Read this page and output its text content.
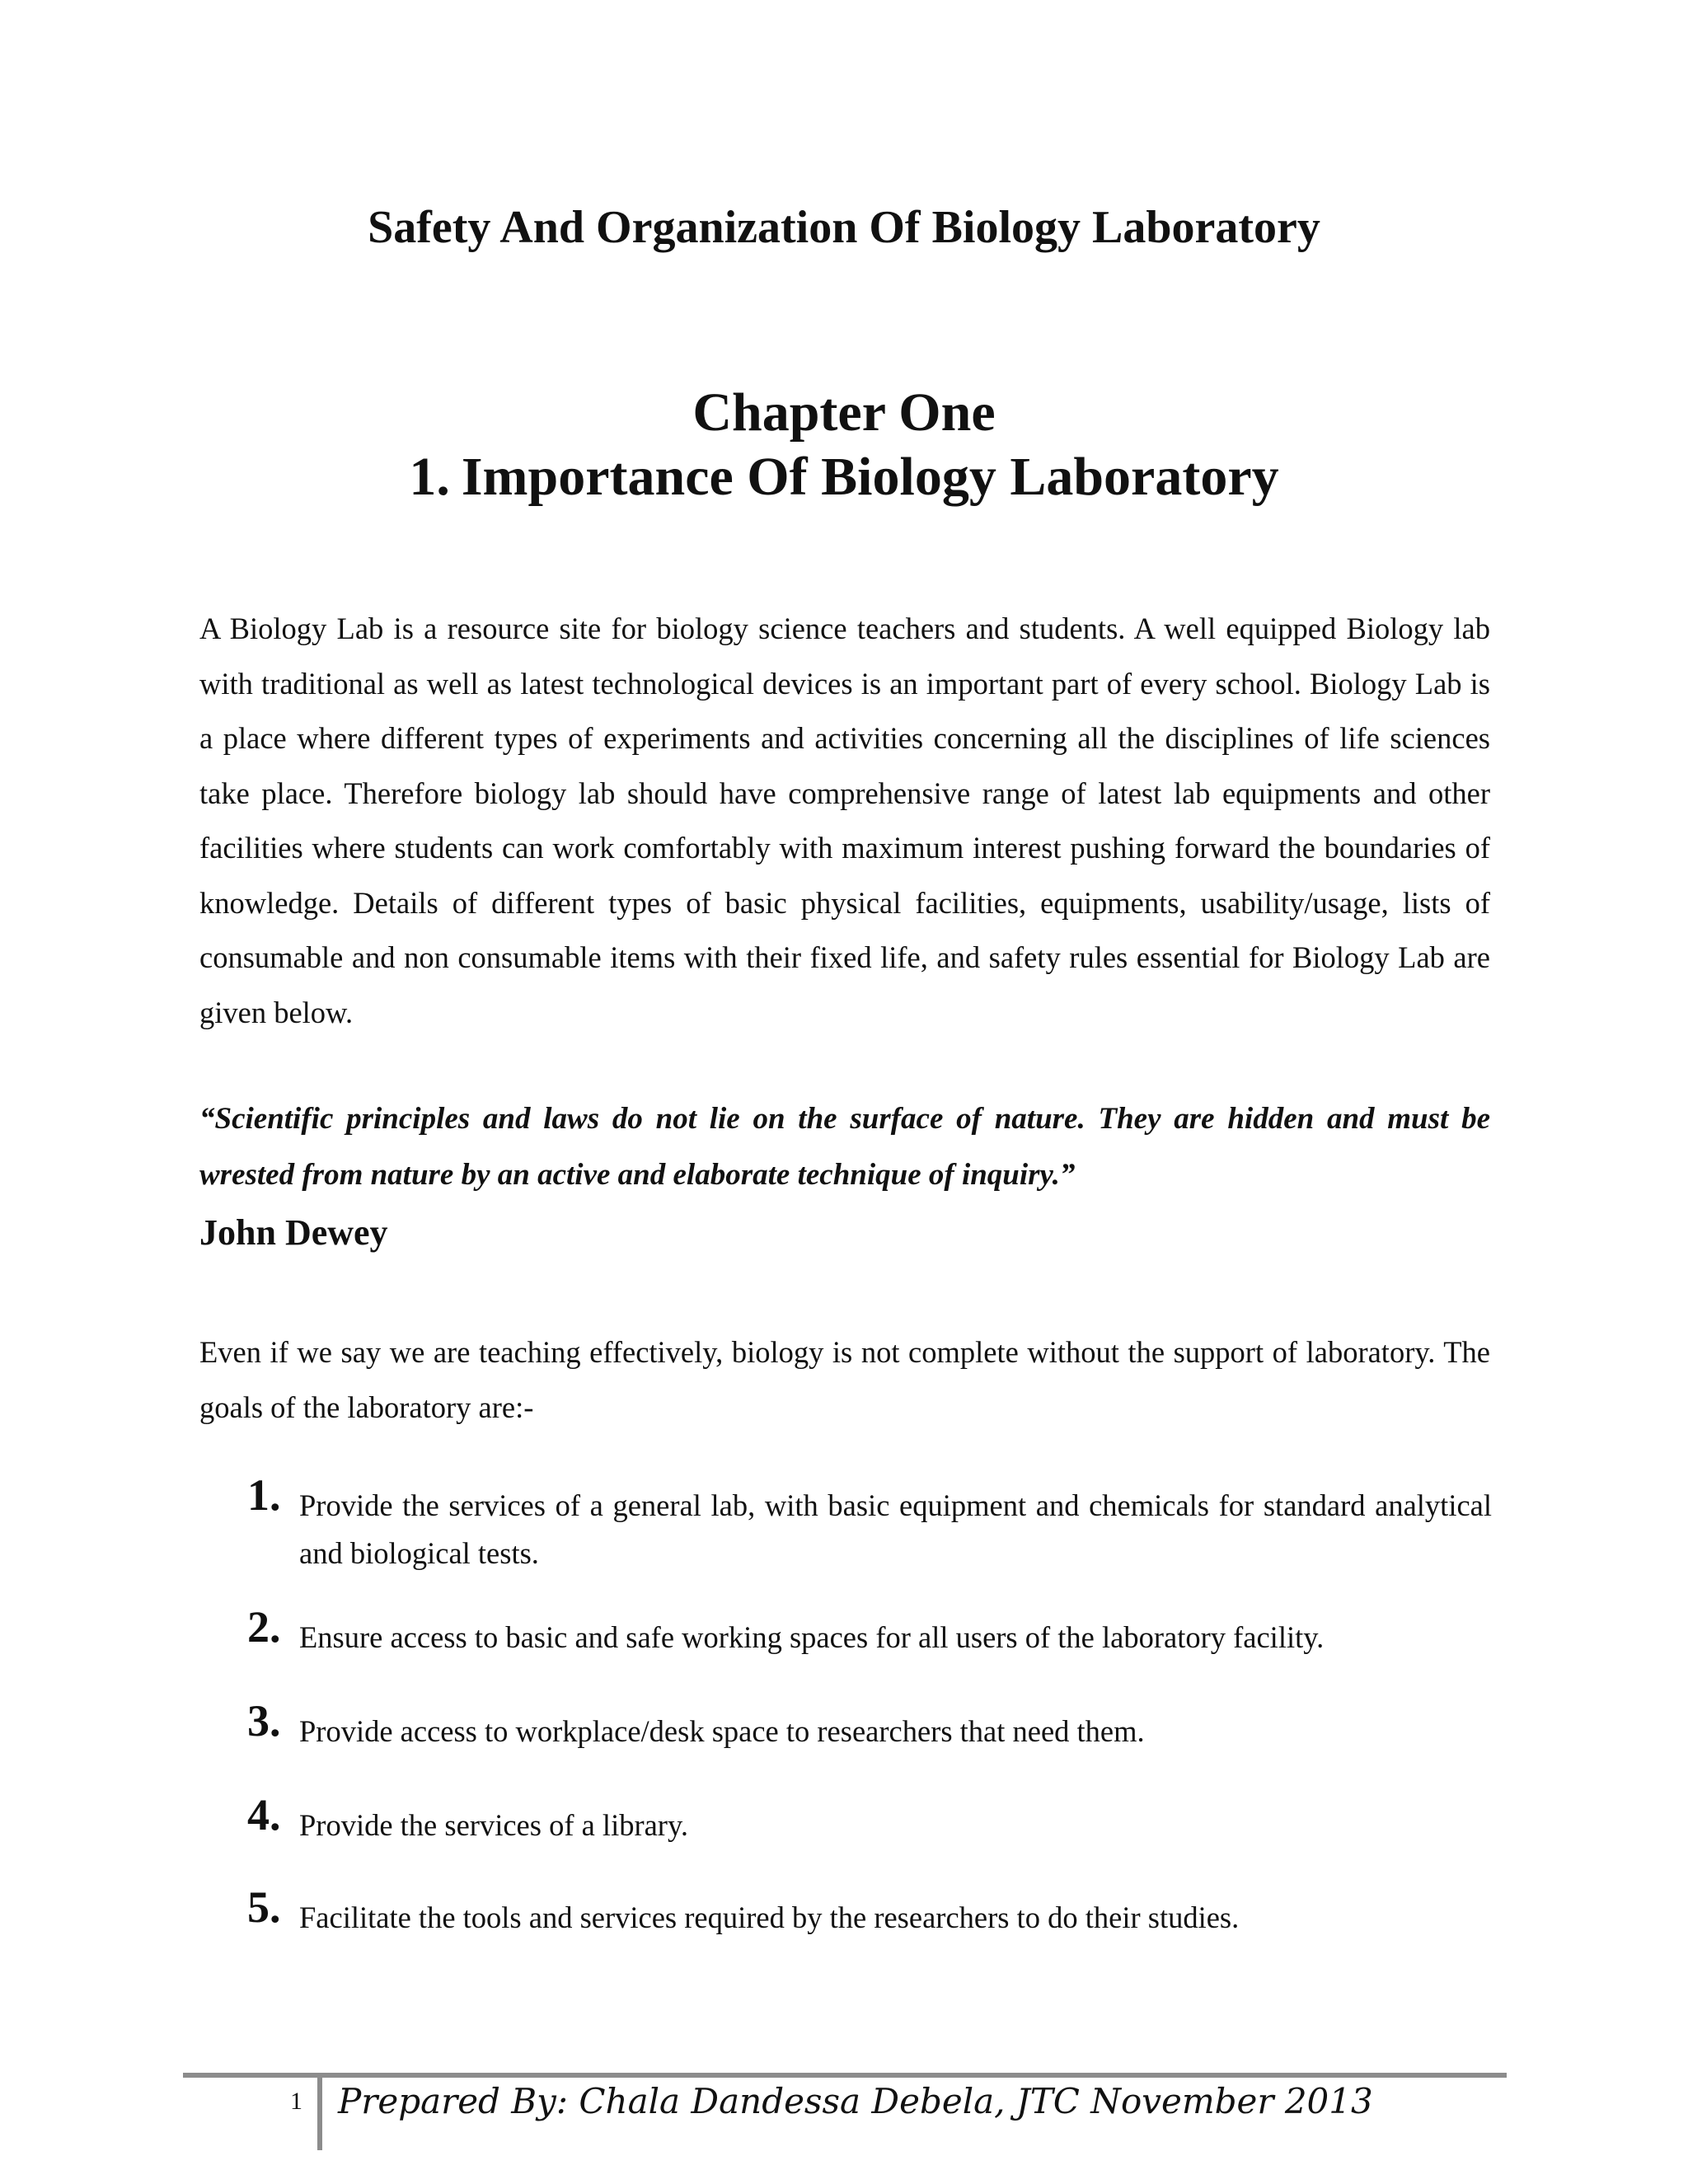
Safety And Organization Of Biology Laboratory
Chapter One
1. Importance Of Biology Laboratory

A Biology Lab is a resource site for biology science teachers and students. A well equipped Biology lab with traditional as well as latest technological devices is an important part of every school. Biology Lab is a place where different types of experiments and activities concerning all the disciplines of life sciences take place. Therefore biology lab should have comprehensive range of latest lab equipments and other facilities where students can work comfortably with maximum interest pushing forward the boundaries of knowledge. Details of different types of basic physical facilities, equipments, usability/usage, lists of consumable and non consumable items with their fixed life, and safety rules essential for Biology Lab are given below.

“Scientific principles and laws do not lie on the surface of nature. They are hidden and must be wrested from nature by an active and elaborate technique of inquiry.”

John Dewey

Even if we say we are teaching effectively, biology is not complete without the support of laboratory. The goals of the laboratory are:-

1. Provide the services of a general lab, with basic equipment and chemicals for standard analytical and biological tests.
2. Ensure access to basic and safe working spaces for all users of the laboratory facility.
3. Provide access to workplace/desk space to researchers that need them.
4. Provide the services of a library.
5. Facilitate the tools and services required by the researchers to do their studies.
1 Prepared By: Chala Dandessa Debela, JTC November 2013
